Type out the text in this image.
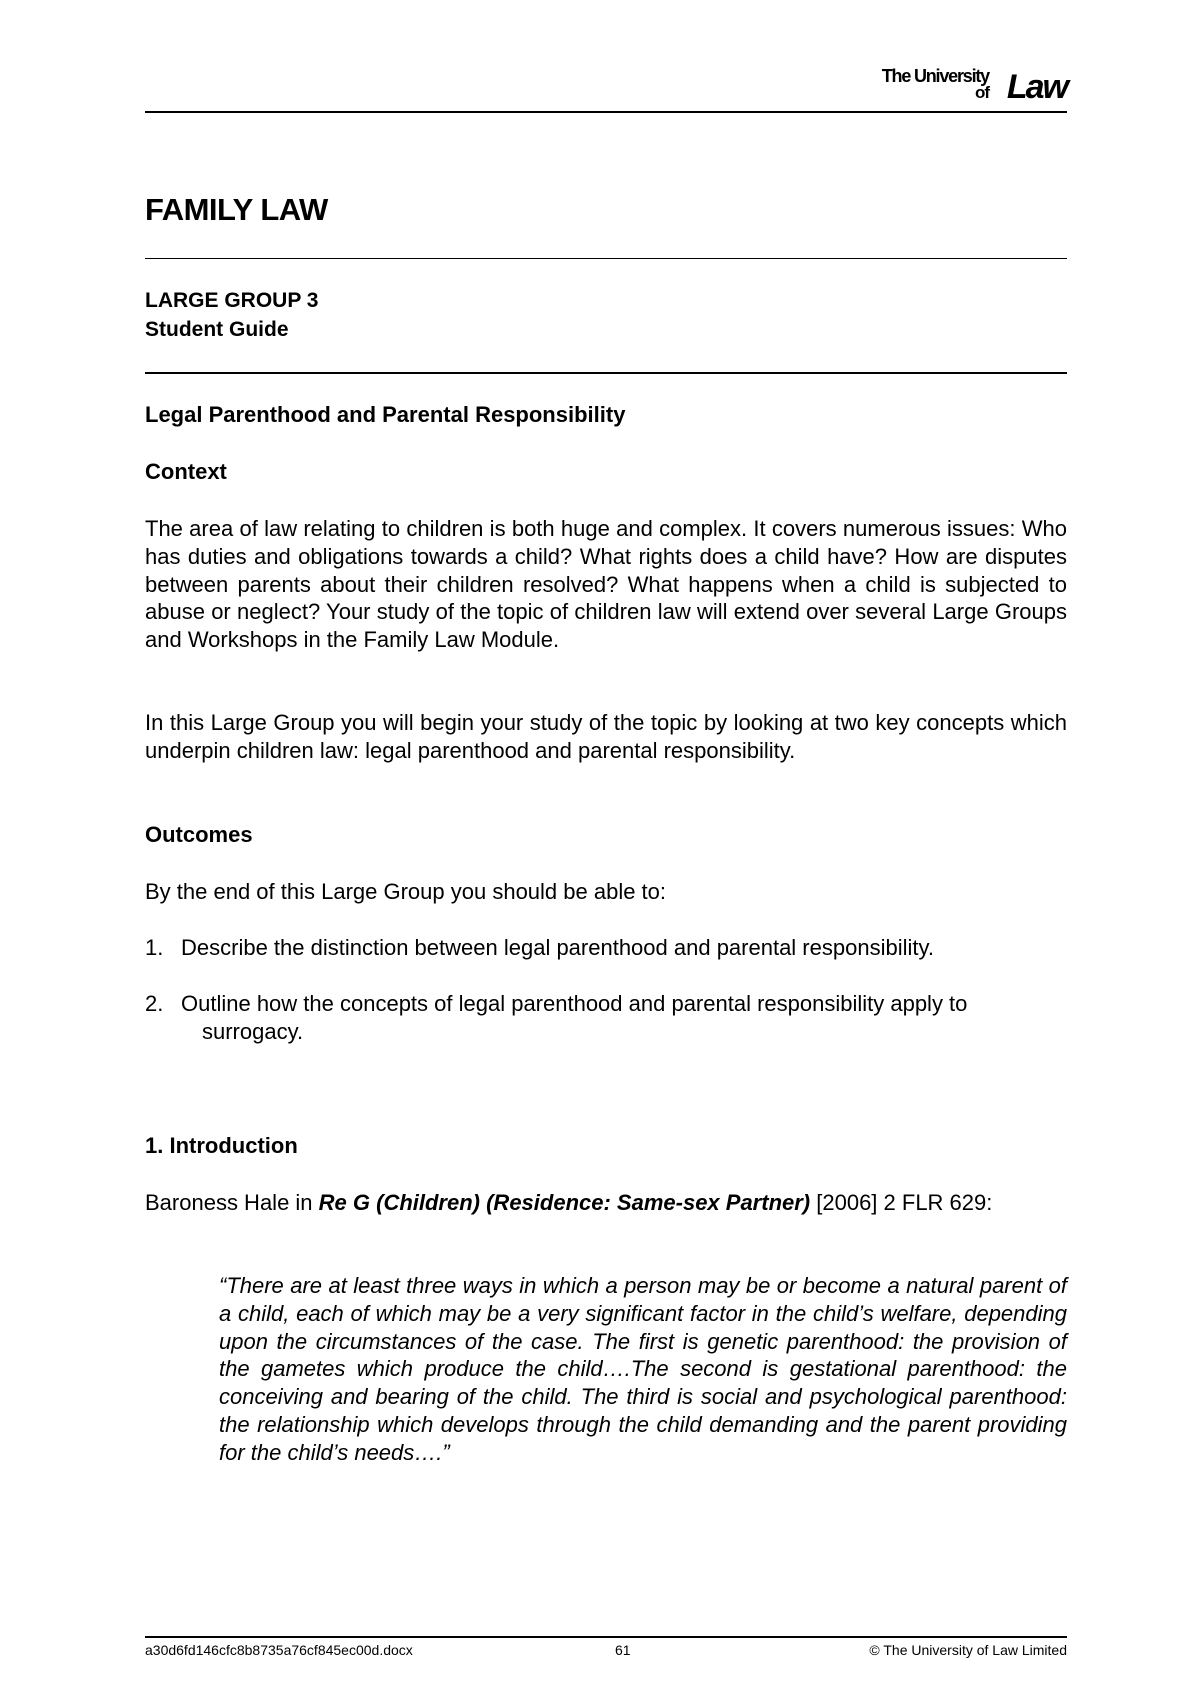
The University
of Law
FAMILY LAW
LARGE GROUP 3
Student Guide
Legal Parenthood and Parental Responsibility
Context
The area of law relating to children is both huge and complex. It covers numerous issues: Who has duties and obligations towards a child? What rights does a child have? How are disputes between parents about their children resolved? What happens when a child is subjected to abuse or neglect? Your study of the topic of children law will extend over several Large Groups and Workshops in the Family Law Module.
In this Large Group you will begin your study of the topic by looking at two key concepts which underpin children law: legal parenthood and parental responsibility.
Outcomes
By the end of this Large Group you should be able to:
1. Describe the distinction between legal parenthood and parental responsibility.
2. Outline how the concepts of legal parenthood and parental responsibility apply to
surrogacy.
1. Introduction
Baroness Hale in Re G (Children) (Residence: Same-sex Partner) [2006] 2 FLR 629:
“There are at least three ways in which a person may be or become a natural parent of a child, each of which may be a very significant factor in the child’s welfare, depending upon the circumstances of the case. The first is genetic parenthood: the provision of the gametes which produce the child….The second is gestational parenthood: the conceiving and bearing of the child. The third is social and psychological parenthood: the relationship which develops through the child demanding and the parent providing for the child’s needs….”
a30d6fd146cfc8b8735a76cf845ec00d.docx	61	© The University of Law Limited
